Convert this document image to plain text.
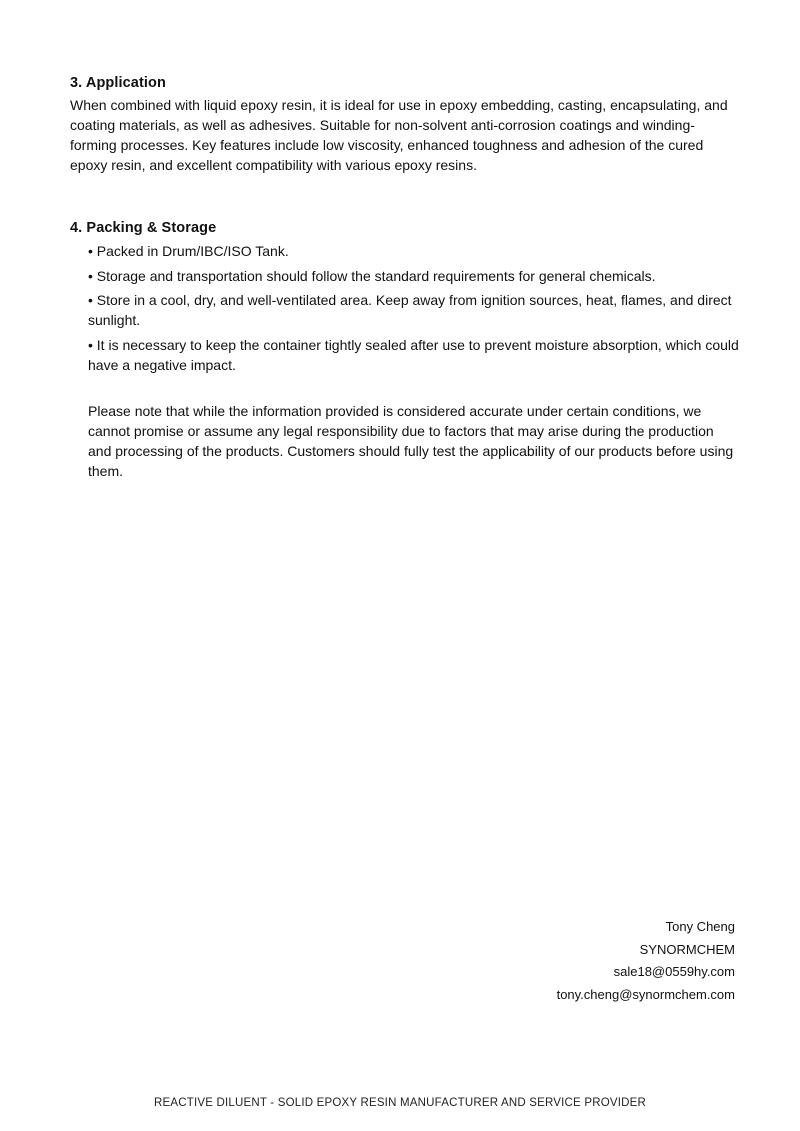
3. Application

When combined with liquid epoxy resin, it is ideal for use in epoxy embedding, casting, encapsulating, and coating materials, as well as adhesives. Suitable for non-solvent anti-corrosion coatings and winding-forming processes. Key features include low viscosity, enhanced toughness and adhesion of the cured epoxy resin, and excellent compatibility with various epoxy resins.

4. Packing & Storage

• Packed in Drum/IBC/ISO Tank.

• Storage and transportation should follow the standard requirements for general chemicals.

• Store in a cool, dry, and well-ventilated area. Keep away from ignition sources, heat, flames, and direct sunlight.

• It is necessary to keep the container tightly sealed after use to prevent moisture absorption, which could have a negative impact.

Please note that while the information provided is considered accurate under certain conditions, we cannot promise or assume any legal responsibility due to factors that may arise during the production and processing of the products. Customers should fully test the applicability of our products before using them.

Tony Cheng
SYNORMCHEM
sale18@0559hy.com
tony.cheng@synormchem.com
REACTIVE DILUENT - SOLID EPOXY RESIN MANUFACTURER AND SERVICE PROVIDER
